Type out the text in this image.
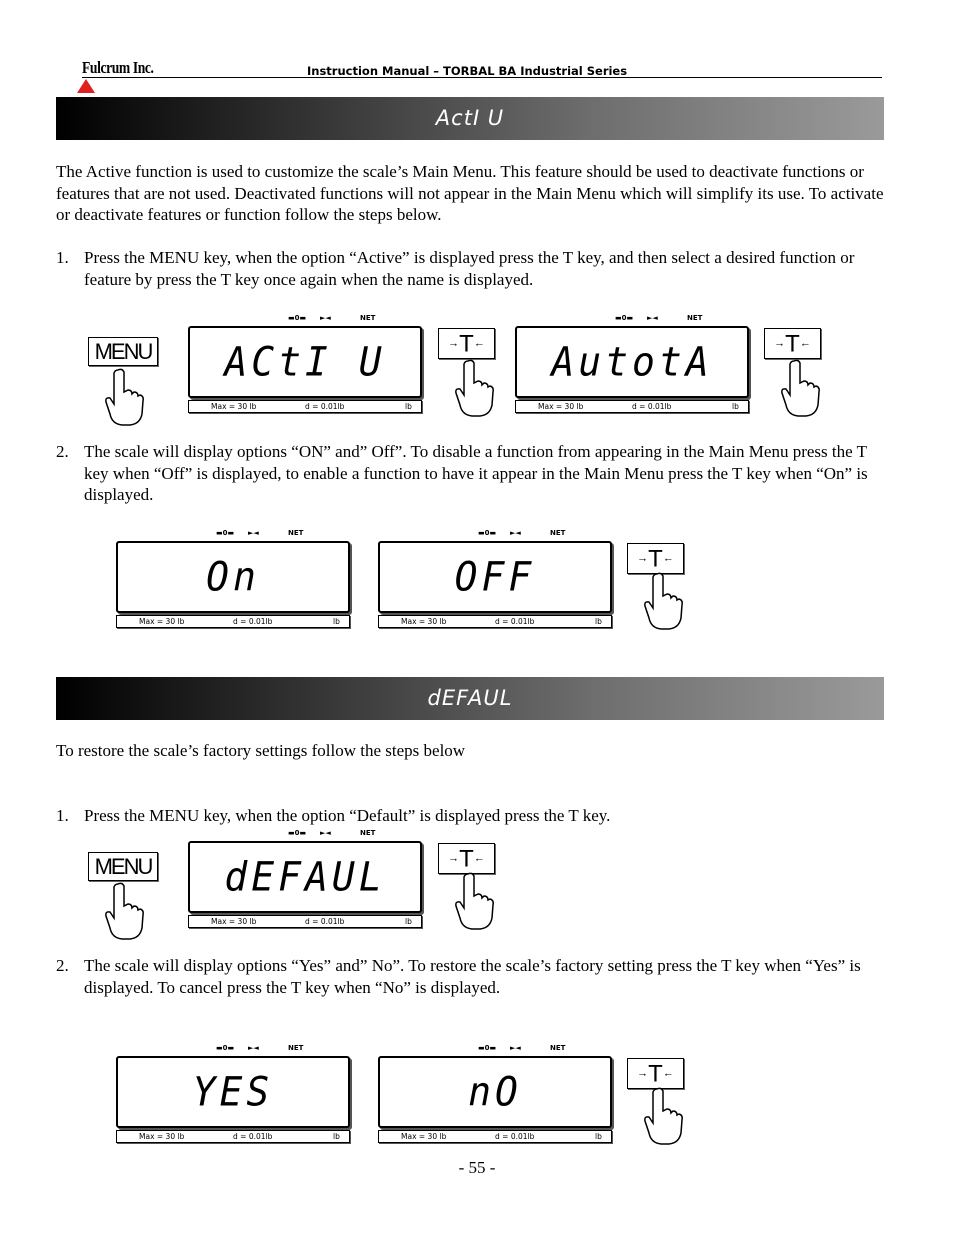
Fulcrum Inc.	Instruction Manual – TORBAL BA Industrial Series
ActI U
The Active function is used to customize the scale’s Main Menu. This feature should be used to deactivate functions or features that are not used. Deactivated functions will not appear in the Main Menu which will simplify its use. To activate or deactivate features or function follow the steps below.
1. Press the MENU key, when the option “Active” is displayed press the T key, and then select a desired function or feature by press the T key once again when the name is displayed.
MENU
▬0▬ ►◄	NET
ACtI U
Max = 30 lb	d = 0.01lb	lb
→T←
▬0▬ ►◄	NET
AutotA
Max = 30 lb	d = 0.01lb	lb
→T←
2. The scale will display options “ON” and” Off”. To disable a function from appearing in the Main Menu press the T key when “Off” is displayed, to enable a function to have it appear in the Main Menu press the T key when “On” is displayed.
▬0▬ ►◄	NET
On
Max = 30 lb	d = 0.01lb	lb
▬0▬ ►◄	NET
OFF
Max = 30 lb	d = 0.01lb	lb
→T←
dEFAUL
To restore the scale’s factory settings follow the steps below
1. Press the MENU key, when the option “Default” is displayed press the T key.
MENU
▬0▬ ►◄	NET
dEFAUL
Max = 30 lb	d = 0.01lb	lb
→T←
2. The scale will display options “Yes” and” No”. To restore the scale’s factory setting press the T key when “Yes” is displayed. To cancel press the T key when “No” is displayed.
▬0▬ ►◄	NET
YES
Max = 30 lb	d = 0.01lb	lb
▬0▬ ►◄	NET
nO
Max = 30 lb	d = 0.01lb	lb
→T←
- 55 -
